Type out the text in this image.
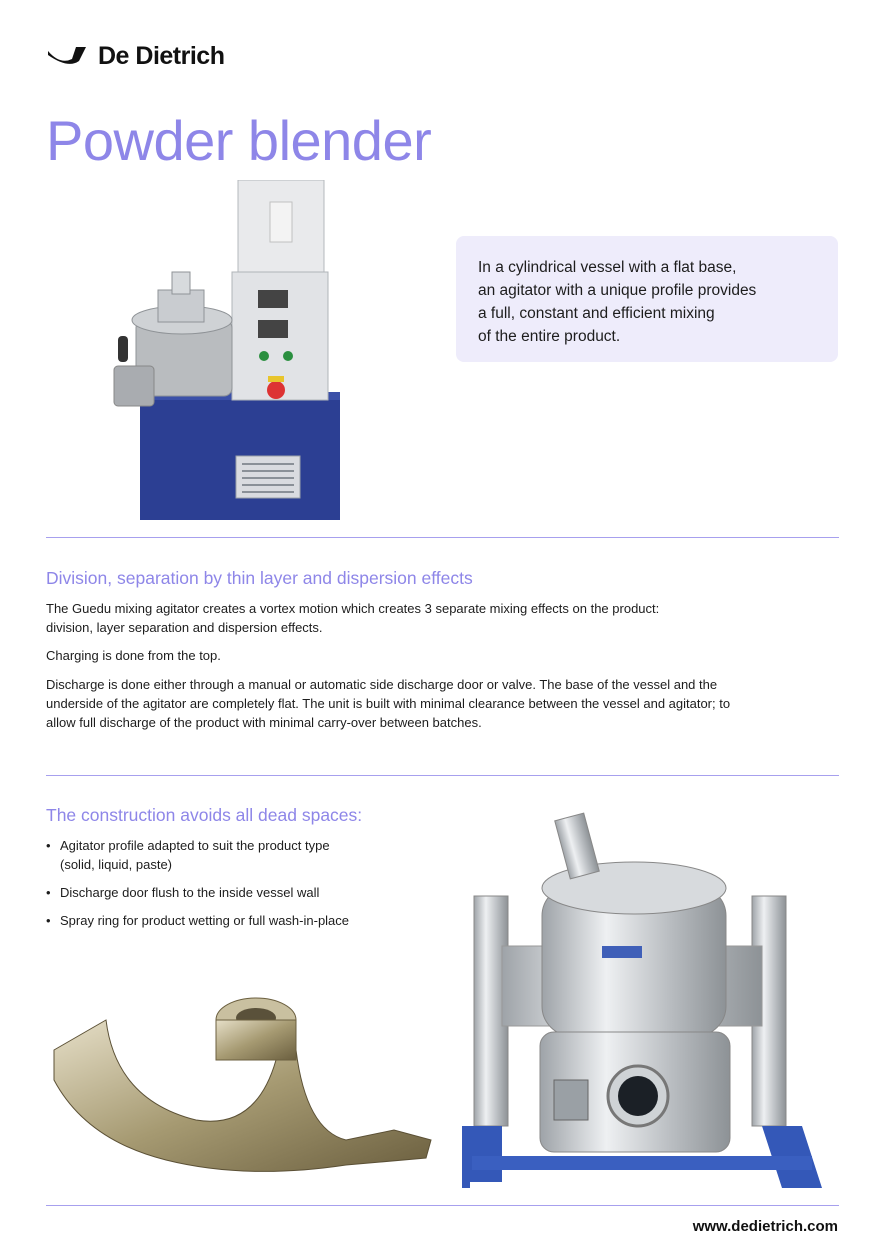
De Dietrich
Powder blender
In a cylindrical vessel with a flat base,
an agitator with a unique profile provides
a full, constant and efficient mixing
of the entire product.
Division, separation by thin layer and dispersion effects

The Guedu mixing agitator creates a vortex motion which creates 3 separate mixing effects on the product:
division, layer separation and dispersion effects.

Charging is done from the top.

Discharge is done either through a manual or automatic side discharge door or valve. The base of the vessel and the
underside of the agitator are completely flat. The unit is built with minimal clearance between the vessel and agitator; to
allow full discharge of the product with minimal carry-over between batches.

The construction avoids all dead spaces:
• Agitator profile adapted to suit the product type
(solid, liquid, paste)
• Discharge door flush to the inside vessel wall
• Spray ring for product wetting or full wash-in-place
www.dedietrich.com
